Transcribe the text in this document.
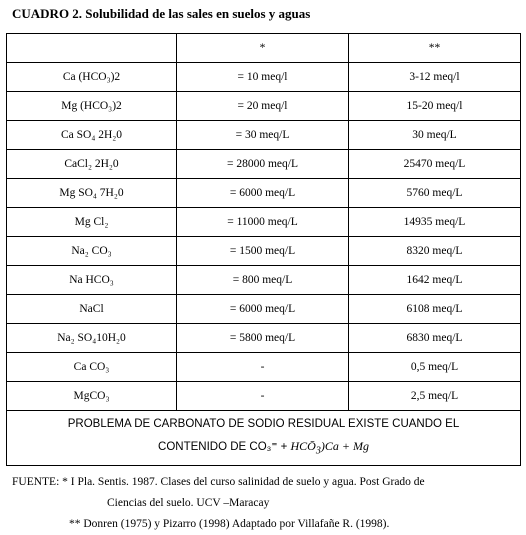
CUADRO 2. Solubilidad de las sales en suelos y aguas
	*	**
Ca (HCO₃)2	= 10 meq/l	3-12 meq/l
Mg (HCO₃)2	= 20 meq/l	15-20 meq/l
Ca SO₄ 2H₂0	= 30 meq/L	30 meq/L
CaCl₂ 2H₂0	= 28000 meq/L	25470 meq/L
Mg SO₄ 7H₂0	= 6000 meq/L	5760 meq/L
Mg Cl₂	= 11000 meq/L	14935 meq/L
Na₂ CO₃	= 1500 meq/L	8320 meq/L
Na HCO₃	= 800 meq/L	1642 meq/L
NaCl	= 6000 meq/L	6108 meq/L
Na₂ SO₄10H₂0	= 5800 meq/L	6830 meq/L
Ca CO₃	-	0,5 meq/L
MgCO₃	-	2,5 meq/L

PROBLEMA DE CARBONATO DE SODIO RESIDUAL EXISTE CUANDO EL
CONTENIDO DE $CO_3^= + HCŌ_3)Ca + Mg$		
FUENTE: * I Pla. Sentis. 1987. Clases del curso salinidad de suelo y agua. Post Grado de
Ciencias del suelo. UCV –Maracay
** Donren (1975) y Pizarro (1998) Adaptado por Villafañe R. (1998).
